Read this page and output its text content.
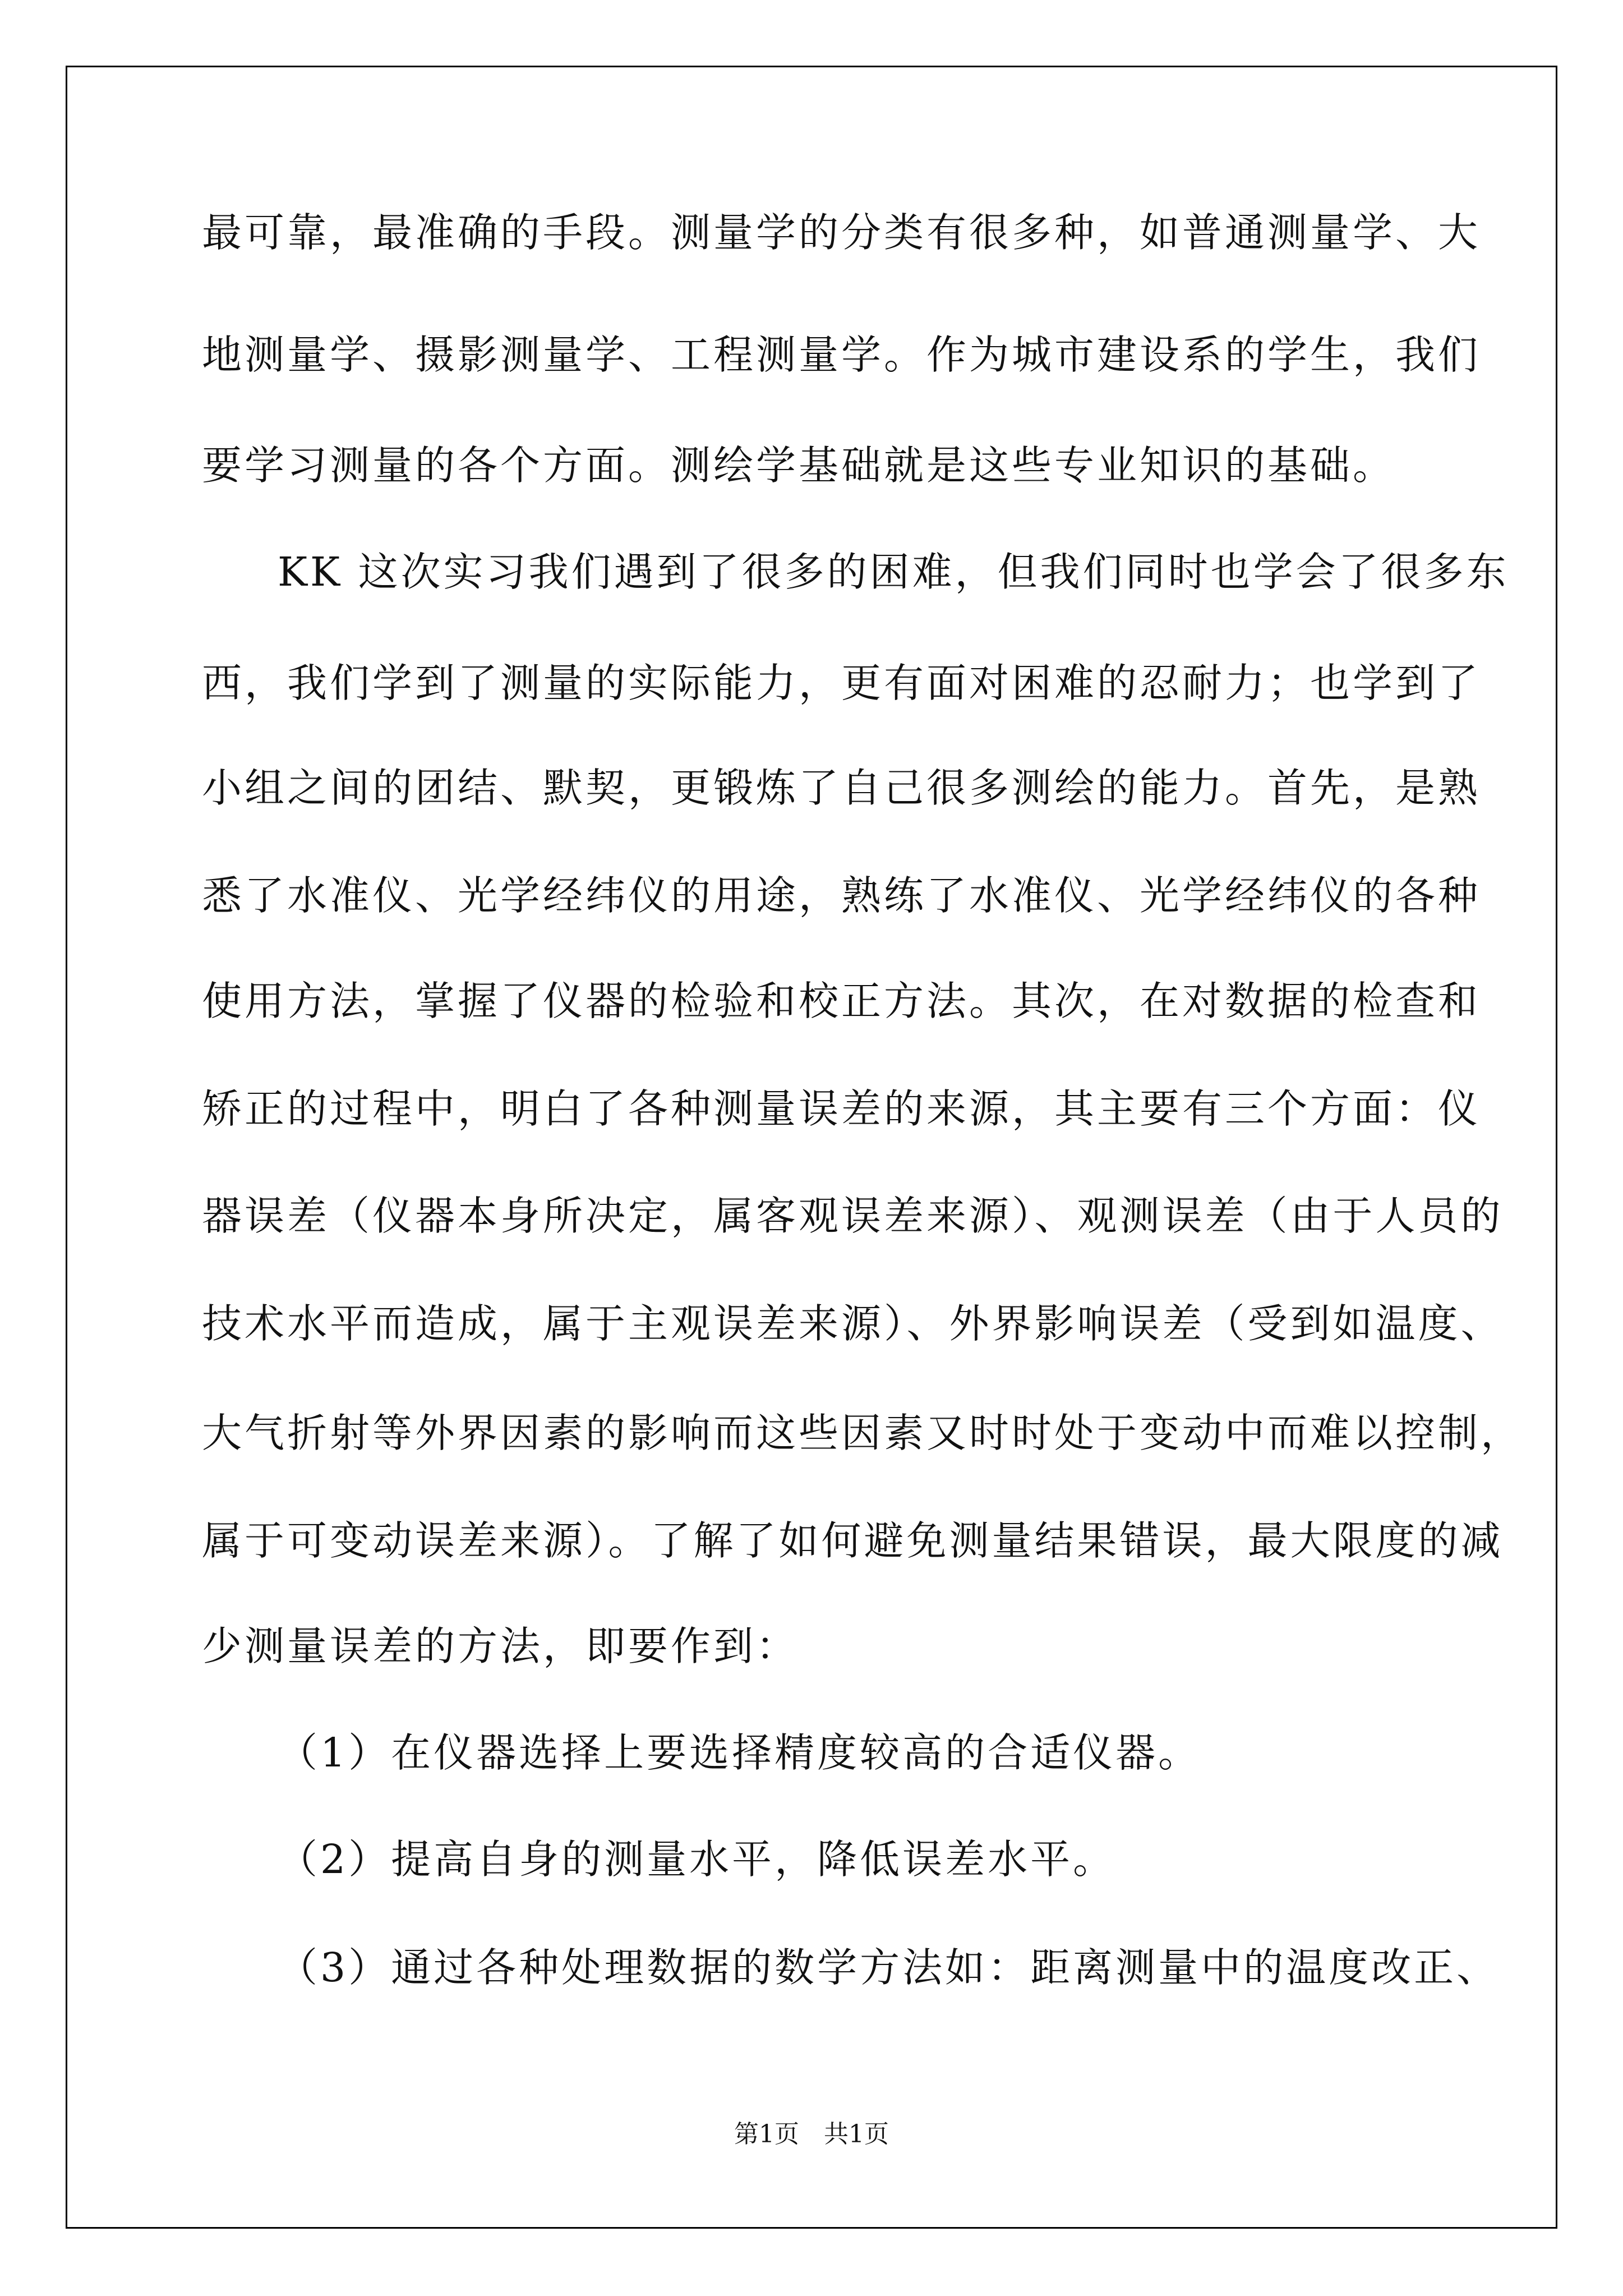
最可靠，最准确的手段。测量学的分类有很多种，如普通测量学、大
地测量学、摄影测量学、工程测量学。作为城市建设系的学生，我们
要学习测量的各个方面。测绘学基础就是这些专业知识的基础。
KK 这次实习我们遇到了很多的困难，但我们同时也学会了很多东
西，我们学到了测量的实际能力，更有面对困难的忍耐力；也学到了
小组之间的团结、默契，更锻炼了自己很多测绘的能力。首先，是熟
悉了水准仪、光学经纬仪的用途，熟练了水准仪、光学经纬仪的各种
使用方法，掌握了仪器的检验和校正方法。其次，在对数据的检查和
矫正的过程中，明白了各种测量误差的来源，其主要有三个方面：仪
器误差（仪器本身所决定，属客观误差来源）、观测误差（由于人员的
技术水平而造成，属于主观误差来源）、外界影响误差（受到如温度、
大气折射等外界因素的影响而这些因素又时时处于变动中而难以控制，
属于可变动误差来源）。了解了如何避免测量结果错误，最大限度的减
少测量误差的方法，即要作到：
（1）在仪器选择上要选择精度较高的合适仪器。
（2）提高自身的测量水平，降低误差水平。
（3）通过各种处理数据的数学方法如：距离测量中的温度改正、
第1页　共1页
